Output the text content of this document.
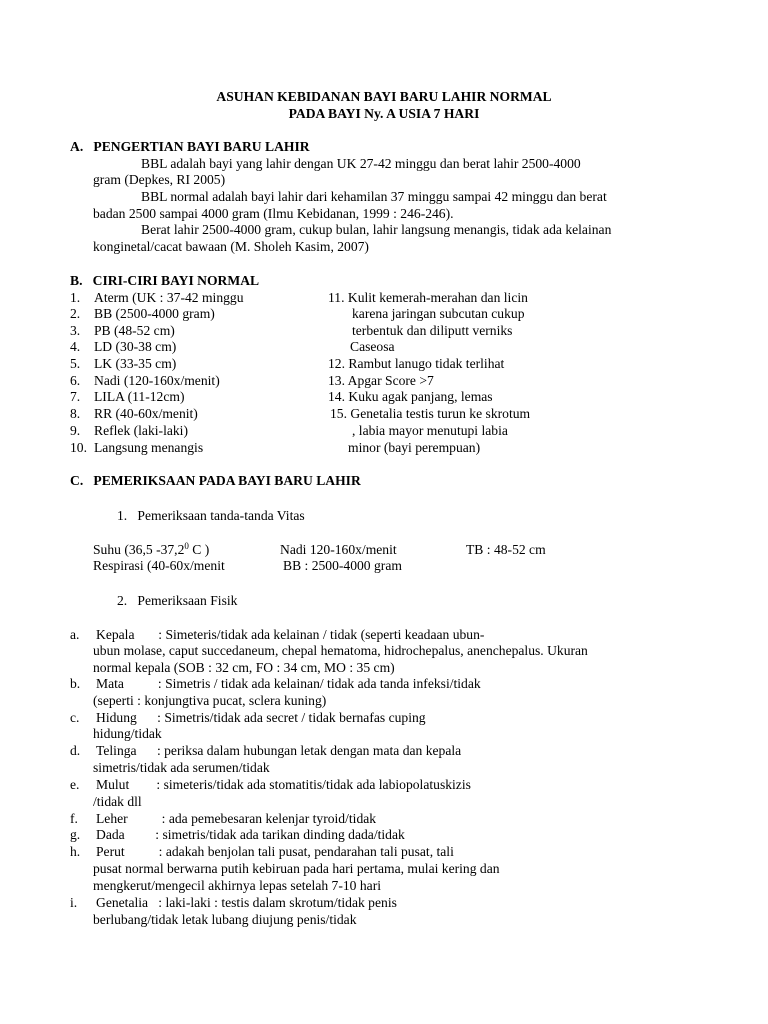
ASUHAN KEBIDANAN BAYI BARU LAHIR NORMAL
PADA BAYI Ny. A USIA 7 HARI
A.   PENGERTIAN BAYI BARU LAHIR
BBL adalah bayi yang lahir dengan UK 27-42 minggu dan berat lahir 2500-4000
gram (Depkes, RI 2005)
BBL normal adalah bayi lahir dari kehamilan 37 minggu sampai 42 minggu dan berat
badan 2500 sampai 4000 gram (Ilmu Kebidanan, 1999 : 246-246).
Berat lahir 2500-4000 gram, cukup bulan, lahir langsung menangis, tidak ada kelainan
konginetal/cacat bawaan (M. Sholeh Kasim, 2007)
B.   CIRI-CIRI BAYI NORMAL
1. Aterm (UK : 37-42 minggu
2. BB (2500-4000 gram)
3. PB (48-52 cm)
4. LD (30-38 cm)
5. LK (33-35 cm)
6. Nadi (120-160x/menit)
7. LILA (11-12cm)
8. RR (40-60x/menit)
9. Reflek (laki-laki)
10. Langsung menangis
11. Kulit kemerah-merahan dan licin
karena jaringan subcutan cukup
terbentuk dan diliputt verniks
Caseosa
12. Rambut lanugo tidak terlihat
13. Apgar Score >7
14. Kuku agak panjang, lemas
15. Genetalia testis turun ke skrotum
, labia mayor menutupi labia
minor (bayi perempuan)
C.   PEMERIKSAAN PADA BAYI BARU LAHIR
1.   Pemeriksaan tanda-tanda Vitas
Suhu (36,5 -37,2$^0$ C )	Nadi 120-160x/menit	TB : 48-52 cm
Respirasi (40-60x/menit	BB : 2500-4000 gram
2.   Pemeriksaan Fisik
a. Kepala       : Simeteris/tidak ada kelainan / tidak (seperti keadaan ubun-
ubun molase, caput succedaneum, chepal hematoma, hidrochepalus, anenchepalus. Ukuran
normal kepala (SOB : 32 cm, FO : 34 cm, MO : 35 cm)
b. Mata          : Simetris / tidak ada kelainan/ tidak ada tanda infeksi/tidak
(seperti : konjungtiva pucat, sclera kuning)
c. Hidung      : Simetris/tidak ada secret / tidak bernafas cuping
hidung/tidak
d. Telinga      : periksa dalam hubungan letak dengan mata dan kepala
simetris/tidak ada serumen/tidak
e. Mulut        : simeteris/tidak ada stomatitis/tidak ada labiopolatuskizis
/tidak dll
f. Leher          : ada pemebesaran kelenjar tyroid/tidak
g. Dada         : simetris/tidak ada tarikan dinding dada/tidak
h. Perut          : adakah benjolan tali pusat, pendarahan tali pusat, tali
pusat normal berwarna putih kebiruan pada hari pertama, mulai kering dan
mengkerut/mengecil akhirnya lepas setelah 7-10 hari
i. Genetalia   : laki-laki : testis dalam skrotum/tidak penis
berlubang/tidak letak lubang diujung penis/tidak
